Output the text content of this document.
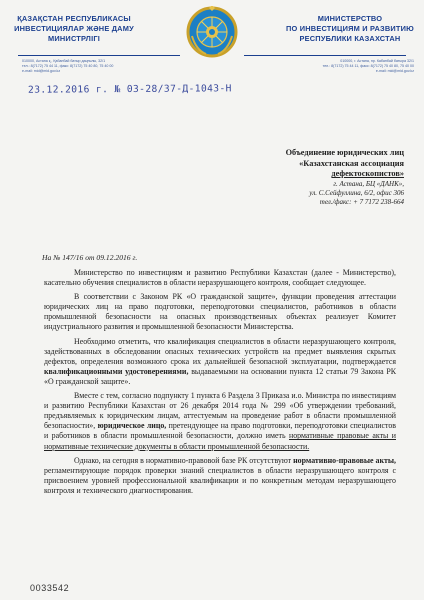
ҚАЗАҚСТАН РЕСПУБЛИКАСЫ
ИНВЕСТИЦИЯЛАР ЖӘНЕ ДАМУ
МИНИСТРЛІГІ
МИНИСТЕРСТВО
ПО ИНВЕСТИЦИЯМ И РАЗВИТИЮ
РЕСПУБЛИКИ КАЗАХСТАН
010000, Астана қ., Қабанбай батыр даңғылы, 32/1
тел.: 8(7172) 75 44 11, факс: 8(7172) 75 40 80, 75 40 00
e-mail: mid@mid.gov.kz
010000, г. Астана, пр. Кабанбай батыра 32/1
тел.: 8(7172) 75 44 11, факс: 8(7172) 75 40 80, 75 40 00
e-mail: mid@mid.gov.kz
23.12.2016 г. № 03-28/37-Д-1043-Н
Объединение юридических лиц
«Казахстанская ассоциация
дефектоскопистов»
г. Астана, БЦ «ДАНК»,
ул. С.Сейфуллина, 6/2, офис 306
тел./факс: + 7 7172 238-664
На № 147/16 от 09.12.2016 г.

Министерство по инвестициям и развитию Республики Казахстан (далее - Министерство), касательно обучения специалистов в области неразрушающего контроля, сообщает следующее.

В соответствии с Законом РК «О гражданской защите», функции проведения аттестации юридических лиц на право подготовки, переподготовки специалистов, работников в области промышленной безопасности на опасных производственных объектах реализует Комитет индустриального развития и промышленной безопасности Министерства.

Необходимо отметить, что квалификация специалистов в области неразрушающего контроля, задействованных в обследовании опасных технических устройств на предмет выявления скрытых дефектов, определения возможного срока их дальнейшей безопасной эксплуатации, подтверждается квалификационными удостоверениями, выдаваемыми на основании пункта 12 статьи 79 Закона РК «О гражданской защите».

Вместе с тем, согласно подпункту 1 пункта 6 Раздела 3 Приказа и.о. Министра по инвестициям и развитию Республики Казахстан от 26 декабря 2014 года № 299 «Об утверждении требований, предъявляемых к юридическим лицам, аттестуемым на проведение работ в области промышленной безопасности», юридическое лицо, претендующее на право подготовки, переподготовки специалистов и работников в области промышленной безопасности, должно иметь нормативные правовые акты и нормативные технические документы в области промышленной безопасности.

Однако, на сегодня в нормативно-правовой базе РК отсутствуют нормативно-правовые акты, регламентирующие порядок проверки знаний специалистов в области неразрушающего контроля с присвоением уровней профессиональной квалификации и по конкретным методам неразрушающего контроля и технического диагностирования.

0033542
